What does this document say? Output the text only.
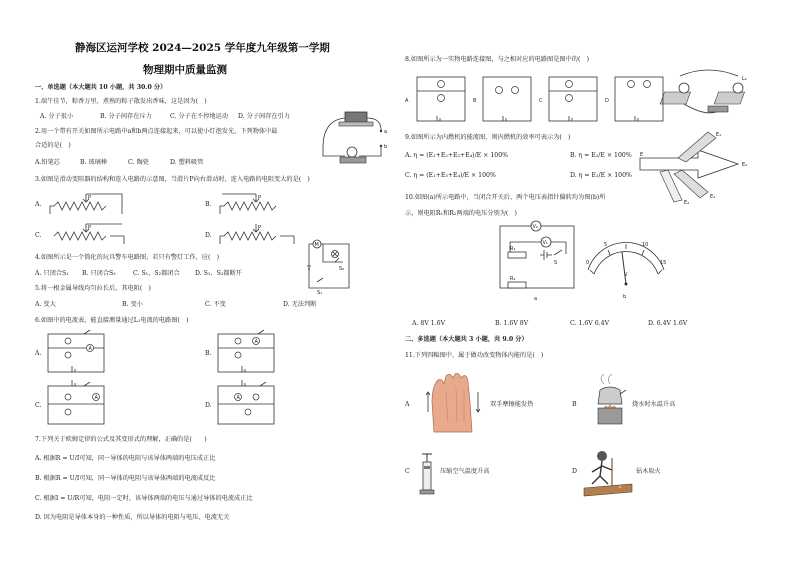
静海区运河学校 2024—2025 学年度九年级第一学期
物理期中质量监测
一、单选题（本大题共 10 小题，共 30.0 分）
1.端午佳节，粽香万里，煮熟的粽子散发出香味，这是因为(　)
A. 分子很小	B. 分子间存在斥力	C. 分子在不停地运动 D. 分子间存在引力
2.用一个带有开关如图所示电路中a和b两点连接起来，可以使小灯泡发光，下列物体中最
合适的是(　)
A.铅笔芯	B. 玻璃棒	C. 陶瓷	D. 塑料吸管
a
b
3.如图是滑动变阻器的结构和连入电路的示意图，当滑片P向右滑动时，连入电路的电阻变大的是(　)
A.
P
B.
P
C.
P
D.
P
4.如图所示是一个简化的玩具警车电路图，若只有警灯工作，应(　)
A. 只闭合S₁ B. 只闭合S₂	C. S₁、S₂都闭合 D. S₁、S₂都断开
M
S₂
S₁
5.将一根金属导线均匀拉长后，其电阻(　)
A. 变大	B. 变小	C. 不变	D. 无法判断
6.如图中的电流表，能直接测量通过L₁电流的电路图(　)
A.
A
B.
A
C.
A
D.
A
7.下列关于欧姆定律的公式及其变形式的理解，正确的是(　　)
A. 根据R = U/I可知，同一导体的电阻与该导体两端的电压成正比
B. 根据R = U/I可知，同一导体的电阻与该导体两端的电流成反比
C. 根据I = U/R可知，电阻一定时，该导体两端的电压与通过导体的电流成正比
D. 因为电阻是导体本身的一种性质，所以导体的电阻与电压、电流无关
8.如图所示为一实物电路连接图，与之相对应的电路图是图中的(　)
L₂
A	B	C	D
9.如图所示为内燃机的能流图，则内燃机的效率可表示为(　)
A. η = (E₁+E₂+E₃+E₄)/E × 100%	B. η = E₂/E × 100%
C. η = (E₁+E₃+E₄)/E × 100%	D. η = E₁/E × 100%
E₁
E₂
E₃
E₄
E
10.如图(a)所示电路中，当闭合开关后，两个电压表指针偏转均为图(b)所
示，则电阻R₁和R₂两端的电压分别为(　)
V₂
V₁
R₁
S
R₂
a
0
5	10
15
V
b
A. 8V 1.6V	B. 1.6V 8V	C. 1.6V 6.4V	D. 6.4V 1.6V
二、多选题（本大题共 3 小题，共 9.0 分）
11.下列四幅图中，属于做功改变物体内能的是(　)
A	双手摩擦能发热	B	烧水时水温升高
C	压缩空气温度升高	D	钻木取火
